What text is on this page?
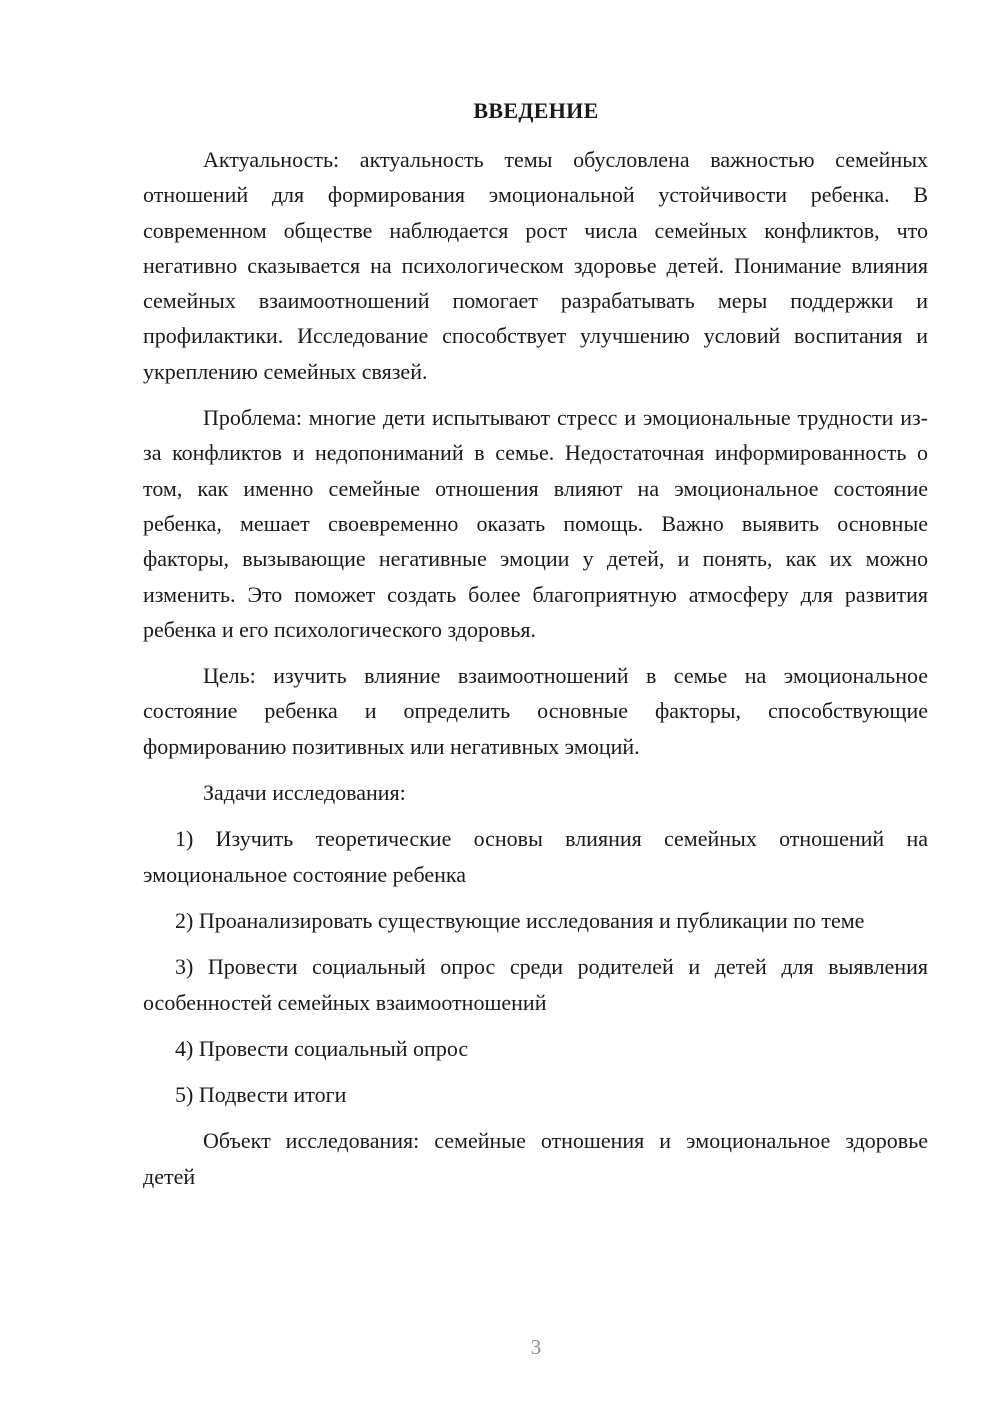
ВВЕДЕНИЕ

Актуальность: актуальность темы обусловлена важностью семейных отношений для формирования эмоциональной устойчивости ребенка. В современном обществе наблюдается рост числа семейных конфликтов, что негативно сказывается на психологическом здоровье детей. Понимание влияния семейных взаимоотношений помогает разрабатывать меры поддержки и профилактики. Исследование способствует улучшению условий воспитания и укреплению семейных связей.

Проблема: многие дети испытывают стресс и эмоциональные трудности из-за конфликтов и недопониманий в семье. Недостаточная информированность о том, как именно семейные отношения влияют на эмоциональное состояние ребенка, мешает своевременно оказать помощь. Важно выявить основные факторы, вызывающие негативные эмоции у детей, и понять, как их можно изменить. Это поможет создать более благоприятную атмосферу для развития ребенка и его психологического здоровья.

Цель: изучить влияние взаимоотношений в семье на эмоциональное состояние ребенка и определить основные факторы, способствующие формированию позитивных или негативных эмоций.

Задачи исследования:

1) Изучить теоретические основы влияния семейных отношений на эмоциональное состояние ребенка

2) Проанализировать существующие исследования и публикации по теме

3) Провести социальный опрос среди родителей и детей для выявления особенностей семейных взаимоотношений

4) Провести социальный опрос

5) Подвести итоги

Объект исследования: семейные отношения и эмоциональное здоровье детей

3
